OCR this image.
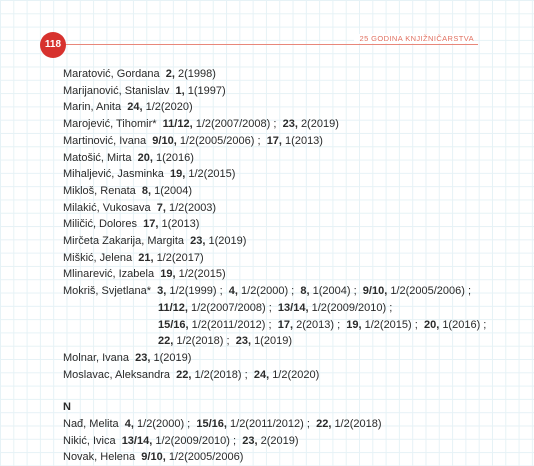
118
25 GODINA KNJIŽNIČARSTVA
Maratović, Gordana 2, 2(1998)
Marijanović, Stanislav 1, 1(1997)
Marin, Anita 24, 1/2(2020)
Marojević, Tihomir* 11/12, 1/2(2007/2008) ; 23, 2(2019)
Martinović, Ivana 9/10, 1/2(2005/2006) ; 17, 1(2013)
Matošić, Mirta 20, 1(2016)
Mihaljević, Jasminka 19, 1/2(2015)
Mikloš, Renata 8, 1(2004)
Milakić, Vukosava 7, 1/2(2003)
Miličić, Dolores 17, 1(2013)
Mirčeta Zakarija, Margita 23, 1(2019)
Miškić, Jelena 21, 1/2(2017)
Mlinarević, Izabela 19, 1/2(2015)
Mokriš, Svjetlana* 3, 1/2(1999) ; 4, 1/2(2000) ; 8, 1(2004) ; 9/10, 1/2(2005/2006) ;
11/12, 1/2(2007/2008) ; 13/14, 1/2(2009/2010) ;
15/16, 1/2(2011/2012) ; 17, 2(2013) ; 19, 1/2(2015) ; 20, 1(2016) ;
22, 1/2(2018) ; 23, 1(2019)
Molnar, Ivana 23, 1(2019)
Moslavac, Aleksandra 22, 1/2(2018) ; 24, 1/2(2020)
N
Nađ, Melita 4, 1/2(2000) ; 15/16, 1/2(2011/2012) ; 22, 1/2(2018)
Nikić, Ivica 13/14, 1/2(2009/2010) ; 23, 2(2019)
Novak, Helena 9/10, 1/2(2005/2006)
